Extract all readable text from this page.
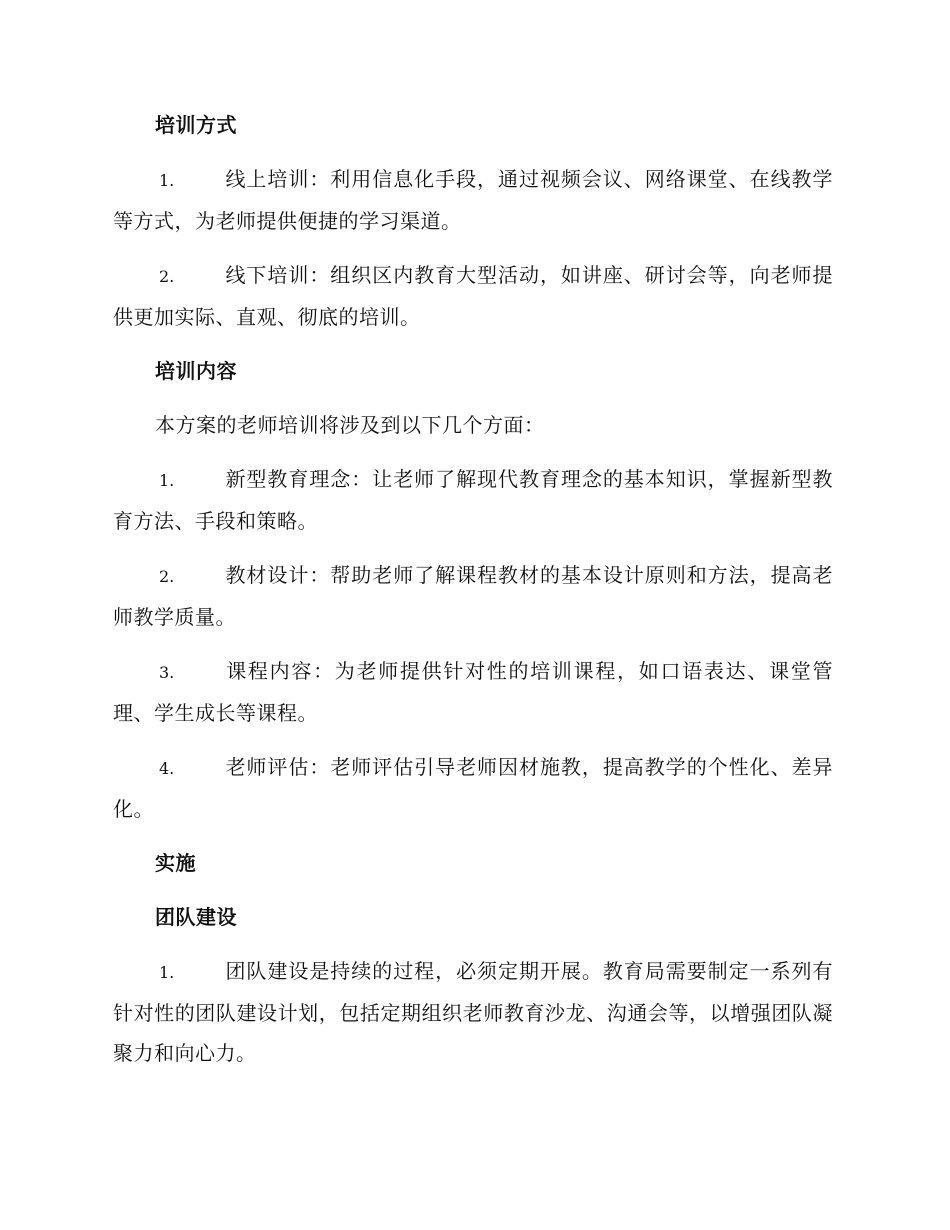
培训方式
1.	线上培训：利用信息化手段，通过视频会议、网络课堂、在线教学等方式，为老师提供便捷的学习渠道。
2.	线下培训：组织区内教育大型活动，如讲座、研讨会等，向老师提供更加实际、直观、彻底的培训。
培训内容
本方案的老师培训将涉及到以下几个方面：
1.	新型教育理念：让老师了解现代教育理念的基本知识，掌握新型教育方法、手段和策略。
2.	教材设计：帮助老师了解课程教材的基本设计原则和方法，提高老师教学质量。
3.	课程内容：为老师提供针对性的培训课程，如口语表达、课堂管理、学生成长等课程。
4.	老师评估：老师评估引导老师因材施教，提高教学的个性化、差异化。
实施
团队建设
1.	团队建设是持续的过程，必须定期开展。教育局需要制定一系列有针对性的团队建设计划，包括定期组织老师教育沙龙、沟通会等，以增强团队凝聚力和向心力。
